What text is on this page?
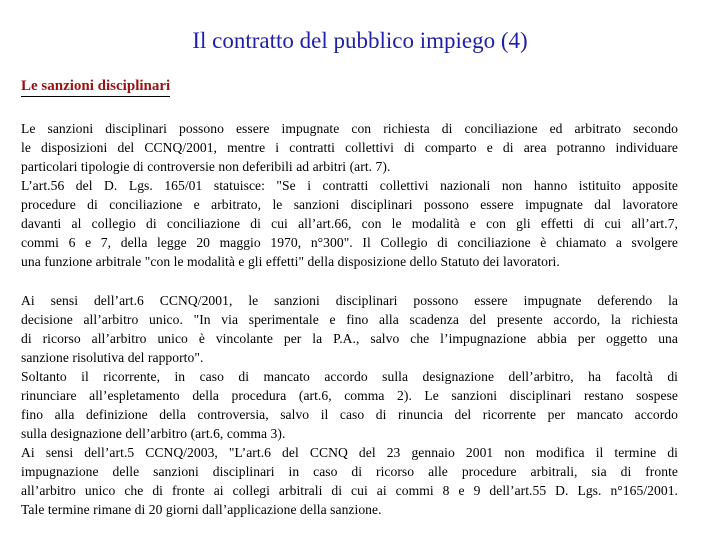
Il contratto del pubblico impiego (4)
Le sanzioni disciplinari
Le sanzioni disciplinari possono essere impugnate con richiesta di conciliazione ed arbitrato secondo
le disposizioni del CCNQ/2001, mentre i contratti collettivi di comparto e di area potranno individuare
particolari tipologie di controversie non deferibili ad arbitri (art. 7).
L’art.56 del D. Lgs. 165/01 statuisce: "Se i contratti collettivi nazionali non hanno istituito apposite
procedure di conciliazione e arbitrato, le sanzioni disciplinari possono essere impugnate dal lavoratore
davanti al collegio di conciliazione di cui all’art.66, con le modalità e con gli effetti di cui all’art.7,
commi 6 e 7, della legge 20 maggio 1970, n°300". Il Collegio di conciliazione è chiamato a svolgere
una funzione arbitrale "con le modalità e gli effetti" della disposizione dello Statuto dei lavoratori.
Ai sensi dell’art.6 CCNQ/2001, le sanzioni disciplinari possono essere impugnate deferendo la
decisione all’arbitro unico. "In via sperimentale e fino alla scadenza del presente accordo, la richiesta
di ricorso all’arbitro unico è vincolante per la P.A., salvo che l’impugnazione abbia per oggetto una
sanzione risolutiva del rapporto".
Soltanto il ricorrente, in caso di mancato accordo sulla designazione dell’arbitro, ha facoltà di
rinunciare all’espletamento della procedura (art.6, comma 2). Le sanzioni disciplinari restano sospese
fino alla definizione della controversia, salvo il caso di rinuncia del ricorrente per mancato accordo
sulla designazione dell’arbitro (art.6, comma 3).
Ai sensi dell’art.5 CCNQ/2003, "L’art.6 del CCNQ del 23 gennaio 2001 non modifica il termine di
impugnazione delle sanzioni disciplinari in caso di ricorso alle procedure arbitrali, sia di fronte
all’arbitro unico che di fronte ai collegi arbitrali di cui ai commi 8 e 9 dell’art.55 D. Lgs. n°165/2001.
Tale termine rimane di 20 giorni dall’applicazione della sanzione.
